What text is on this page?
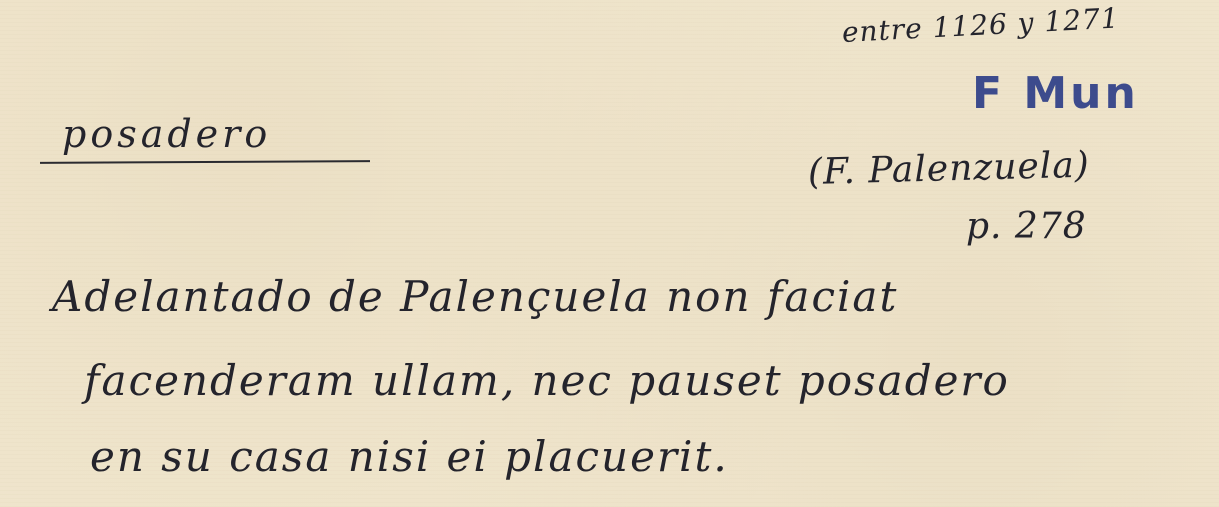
posadero
entre 1126 y 1271
F Mun
(F. Palenzuela)
p. 278
Adelantado de Palençuela non faciat
facenderam ullam, nec pauset posadero
en su casa nisi ei placuerit.
